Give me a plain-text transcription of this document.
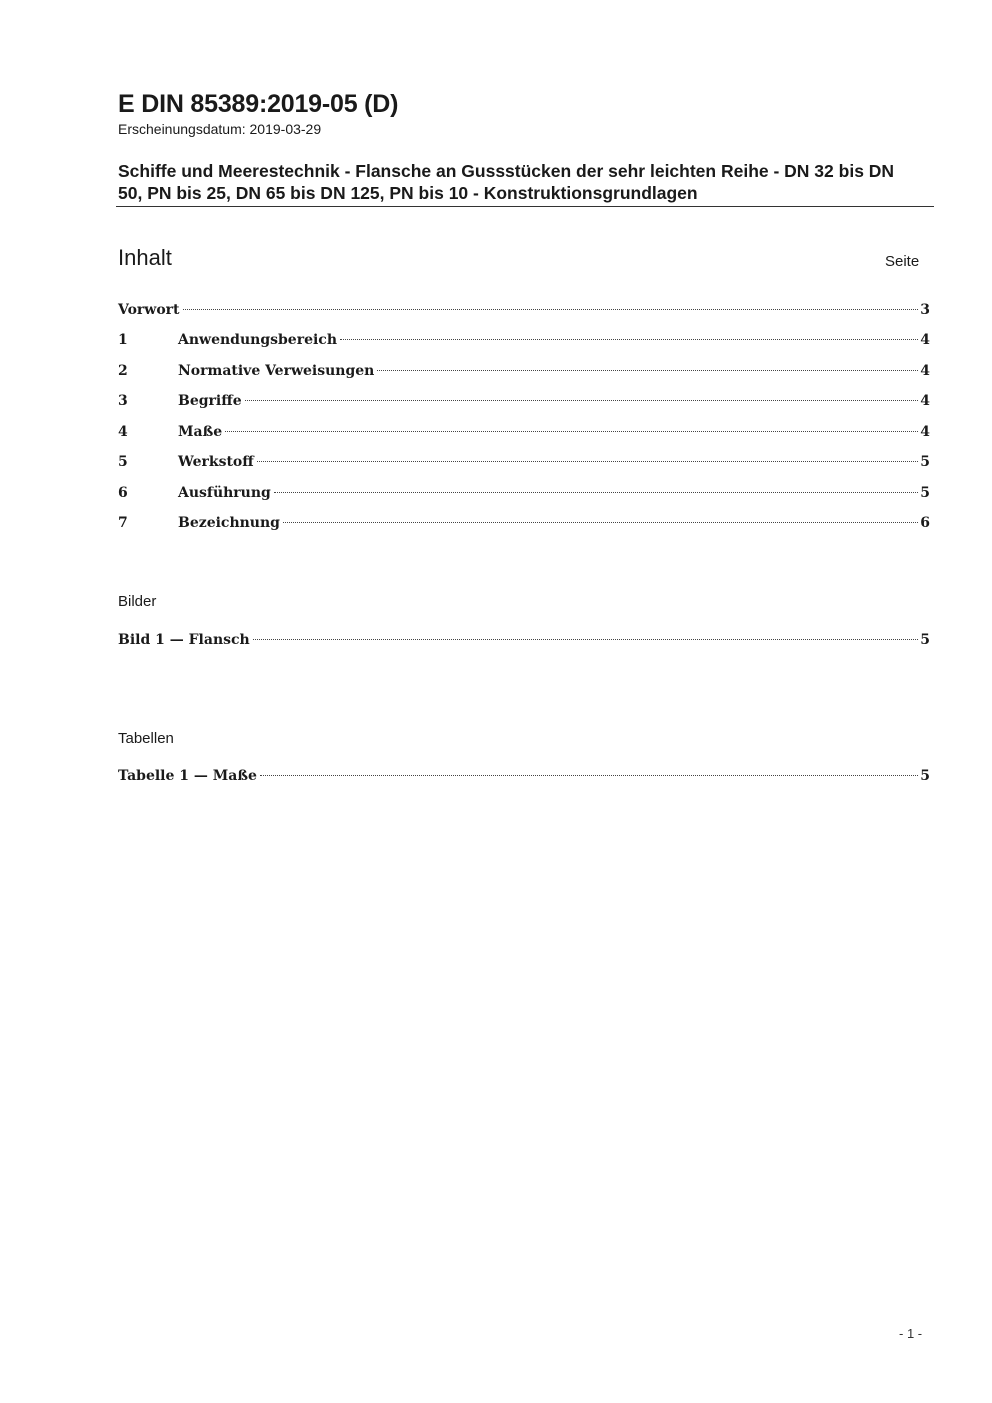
E DIN 85389:2019-05 (D)
Erscheinungsdatum: 2019-03-29
Schiffe und Meerestechnik - Flansche an Gussstücken der sehr leichten Reihe - DN 32 bis DN 50, PN bis 25, DN 65 bis DN 125, PN bis 10 - Konstruktionsgrundlagen
Inhalt	Seite
Vorwort	3
1	Anwendungsbereich	4
2	Normative Verweisungen	4
3	Begriffe	4
4	Maße	4
5	Werkstoff	5
6	Ausführung	5
7	Bezeichnung	6
Bilder
Bild 1 — Flansch	5
Tabellen
Tabelle 1 — Maße	5
- 1 -
